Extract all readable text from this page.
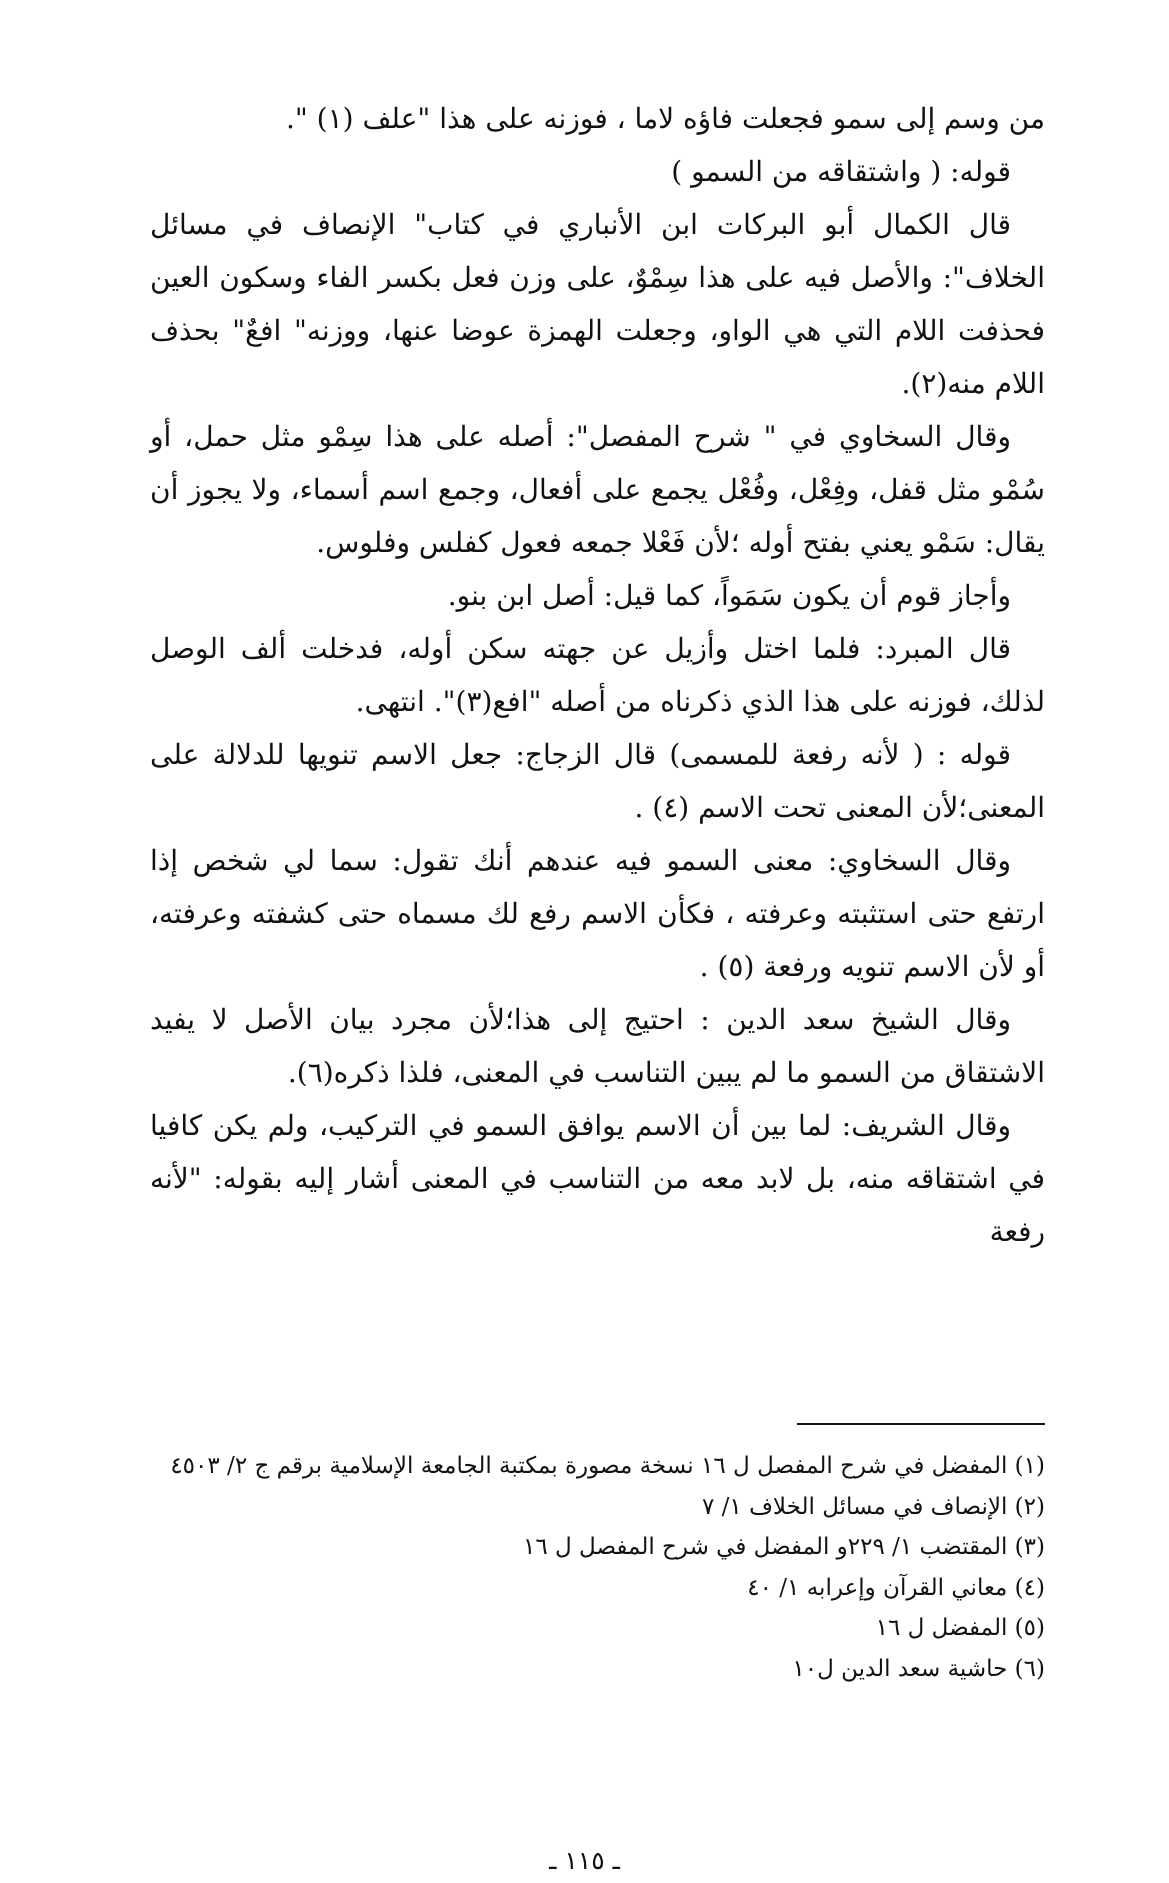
من وسم إلى سمو فجعلت فاؤه لاما ، فوزنه على هذا "علف (١) ".

قوله: ( واشتقاقه من السمو )

قال الكمال أبو البركات ابن الأنباري في كتاب" الإنصاف في مسائل الخلاف": والأصل فيه على هذا سِمْوٌ، على وزن فعل بكسر الفاء وسكون العين فحذفت اللام التي هي الواو، وجعلت الهمزة عوضا عنها، ووزنه" افعٌ" بحذف اللام منه(٢).

وقال السخاوي في " شرح المفصل": أصله على هذا سِمْو مثل حمل، أو سُمْو مثل قفل، وفِعْل، وفُعْل يجمع على أفعال، وجمع اسم أسماء، ولا يجوز أن يقال: سَمْو يعني بفتح أوله ؛لأن فَعْلا جمعه فعول كفلس وفلوس.

وأجاز قوم أن يكون سَمَواً، كما قيل: أصل ابن بنو.

قال المبرد: فلما اختل وأزيل عن جهته سكن أوله، فدخلت ألف الوصل لذلك، فوزنه على هذا الذي ذكرناه من أصله "افع(٣)". انتهى.

قوله : ( لأنه رفعة للمسمى) قال الزجاج: جعل الاسم تنويها للدلالة على المعنى؛لأن المعنى تحت الاسم (٤) .

وقال السخاوي: معنى السمو فيه عندهم أنك تقول: سما لي شخص إذا ارتفع حتى استثبته وعرفته ، فكأن الاسم رفع لك مسماه حتى كشفته وعرفته، أو لأن الاسم تنويه ورفعة (٥) .

وقال الشيخ سعد الدين : احتيج إلى هذا؛لأن مجرد بيان الأصل لا يفيد الاشتقاق من السمو ما لم يبين التناسب في المعنى، فلذا ذكره(٦).

وقال الشريف: لما بين أن الاسم يوافق السمو في التركيب، ولم يكن كافيا في اشتقاقه منه، بل لابد معه من التناسب في المعنى أشار إليه بقوله: "لأنه رفعة

(١) المفضل في شرح المفصل ل ١٦ نسخة مصورة بمكتبة الجامعة الإسلامية برقم ج ٢/ ٤٥٠٣

(٢) الإنصاف في مسائل الخلاف ١/ ٧

(٣) المقتضب ١/ ٢٢٩و المفضل في شرح المفصل ل ١٦

(٤) معاني القرآن وإعرابه ١/ ٤٠

(٥) المفضل ل ١٦

(٦) حاشية سعد الدين ل١٠

ـ ١١٥ ـ
